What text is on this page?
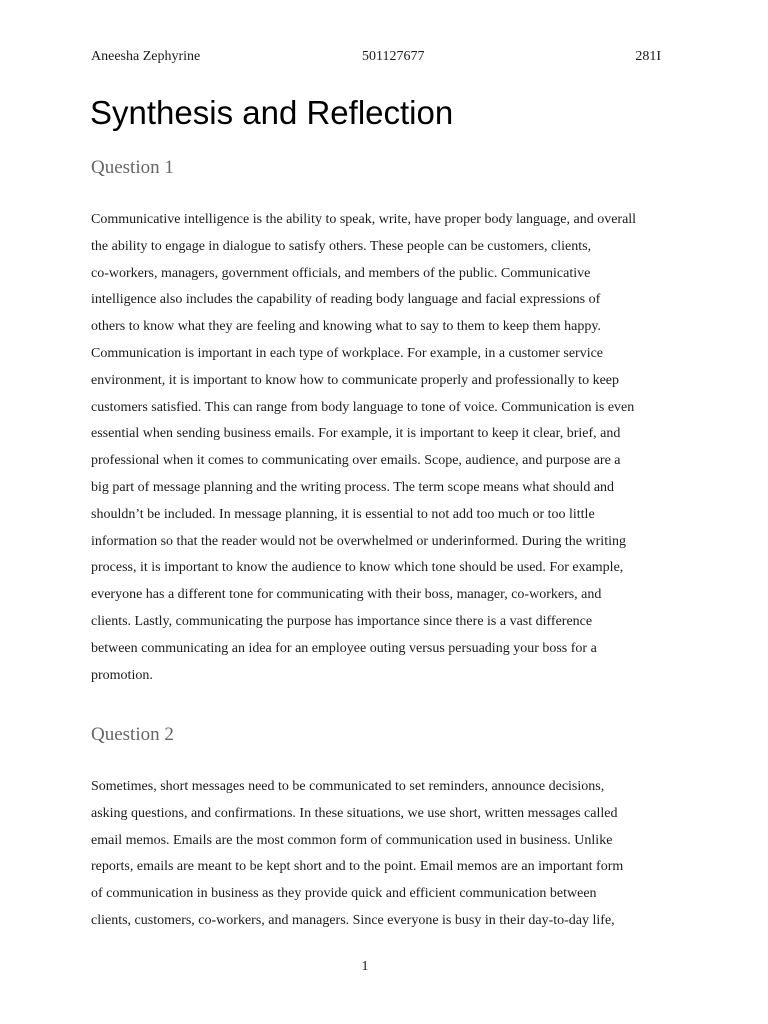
Aneesha Zephyrine	501127677	281I
Synthesis and Reflection
Question 1

Communicative intelligence is the ability to speak, write, have proper body language, and overall
the ability to engage in dialogue to satisfy others. These people can be customers, clients,
co-workers, managers, government officials, and members of the public. Communicative
intelligence also includes the capability of reading body language and facial expressions of
others to know what they are feeling and knowing what to say to them to keep them happy.
Communication is important in each type of workplace. For example, in a customer service
environment, it is important to know how to communicate properly and professionally to keep
customers satisfied. This can range from body language to tone of voice. Communication is even
essential when sending business emails. For example, it is important to keep it clear, brief, and
professional when it comes to communicating over emails. Scope, audience, and purpose are a
big part of message planning and the writing process. The term scope means what should and
shouldn’t be included. In message planning, it is essential to not add too much or too little
information so that the reader would not be overwhelmed or underinformed. During the writing
process, it is important to know the audience to know which tone should be used. For example,
everyone has a different tone for communicating with their boss, manager, co-workers, and
clients. Lastly, communicating the purpose has importance since there is a vast difference
between communicating an idea for an employee outing versus persuading your boss for a
promotion.

Question 2

Sometimes, short messages need to be communicated to set reminders, announce decisions,
asking questions, and confirmations. In these situations, we use short, written messages called
email memos. Emails are the most common form of communication used in business. Unlike
reports, emails are meant to be kept short and to the point. Email memos are an important form
of communication in business as they provide quick and efficient communication between
clients, customers, co-workers, and managers. Since everyone is busy in their day-to-day life,

1
